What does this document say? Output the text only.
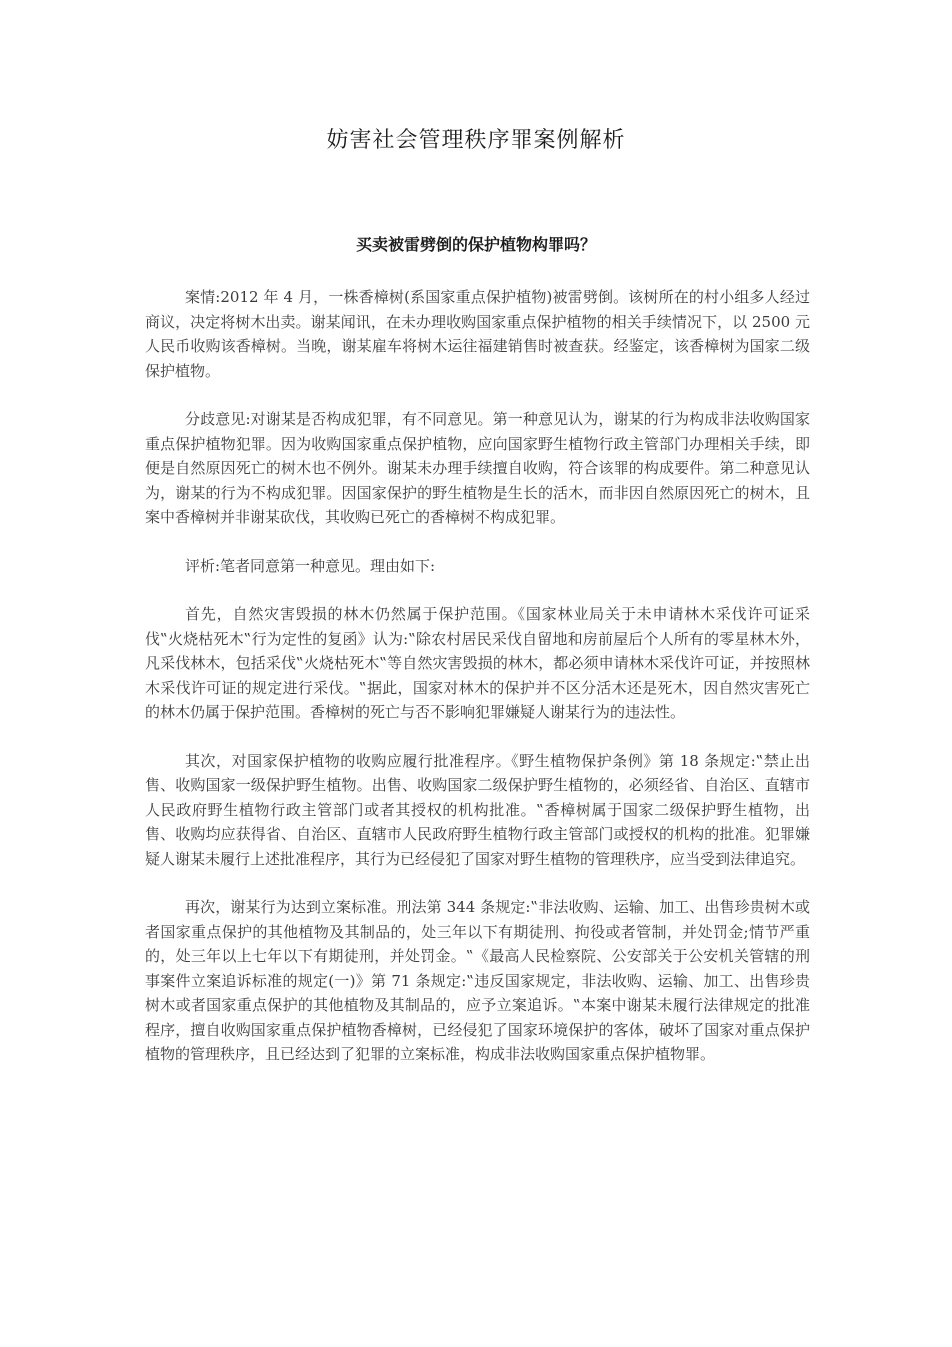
妨害社会管理秩序罪案例解析
买卖被雷劈倒的保护植物构罪吗？

案情:2012 年 4 月，一株香樟树(系国家重点保护植物)被雷劈倒。该树所在的村小组多人经过商议，决定将树木出卖。谢某闻讯，在未办理收购国家重点保护植物的相关手续情况下，以 2500 元人民币收购该香樟树。当晚，谢某雇车将树木运往福建销售时被查获。经鉴定，该香樟树为国家二级保护植物。

分歧意见:对谢某是否构成犯罪，有不同意见。第一种意见认为，谢某的行为构成非法收购国家重点保护植物犯罪。因为收购国家重点保护植物，应向国家野生植物行政主管部门办理相关手续，即便是自然原因死亡的树木也不例外。谢某未办理手续擅自收购，符合该罪的构成要件。第二种意见认为，谢某的行为不构成犯罪。因国家保护的野生植物是生长的活木，而非因自然原因死亡的树木，且案中香樟树并非谢某砍伐，其收购已死亡的香樟树不构成犯罪。

评析:笔者同意第一种意见。理由如下:

首先，自然灾害毁损的林木仍然属于保护范围。《国家林业局关于未申请林木采伐许可证采伐‟火烧枯死木‟行为定性的复函》认为:‟除农村居民采伐自留地和房前屋后个人所有的零星林木外，凡采伐林木，包括采伐‟火烧枯死木‟等自然灾害毁损的林木，都必须申请林木采伐许可证，并按照林木采伐许可证的规定进行采伐。‟据此，国家对林木的保护并不区分活木还是死木，因自然灾害死亡的林木仍属于保护范围。香樟树的死亡与否不影响犯罪嫌疑人谢某行为的违法性。

其次，对国家保护植物的收购应履行批准程序。《野生植物保护条例》第 18 条规定:‟禁止出售、收购国家一级保护野生植物。出售、收购国家二级保护野生植物的，必须经省、自治区、直辖市人民政府野生植物行政主管部门或者其授权的机构批准。‟香樟树属于国家二级保护野生植物，出售、收购均应获得省、自治区、直辖市人民政府野生植物行政主管部门或授权的机构的批准。犯罪嫌疑人谢某未履行上述批准程序，其行为已经侵犯了国家对野生植物的管理秩序，应当受到法律追究。

再次，谢某行为达到立案标准。刑法第 344 条规定:‟非法收购、运输、加工、出售珍贵树木或者国家重点保护的其他植物及其制品的，处三年以下有期徒刑、拘役或者管制，并处罚金;情节严重的，处三年以上七年以下有期徒刑，并处罚金。‟《最高人民检察院、公安部关于公安机关管辖的刑事案件立案追诉标准的规定(一)》第 71 条规定:‟违反国家规定，非法收购、运输、加工、出售珍贵树木或者国家重点保护的其他植物及其制品的，应予立案追诉。‟本案中谢某未履行法律规定的批准程序，擅自收购国家重点保护植物香樟树，已经侵犯了国家环境保护的客体，破坏了国家对重点保护植物的管理秩序，且已经达到了犯罪的立案标准，构成非法收购国家重点保护植物罪。
